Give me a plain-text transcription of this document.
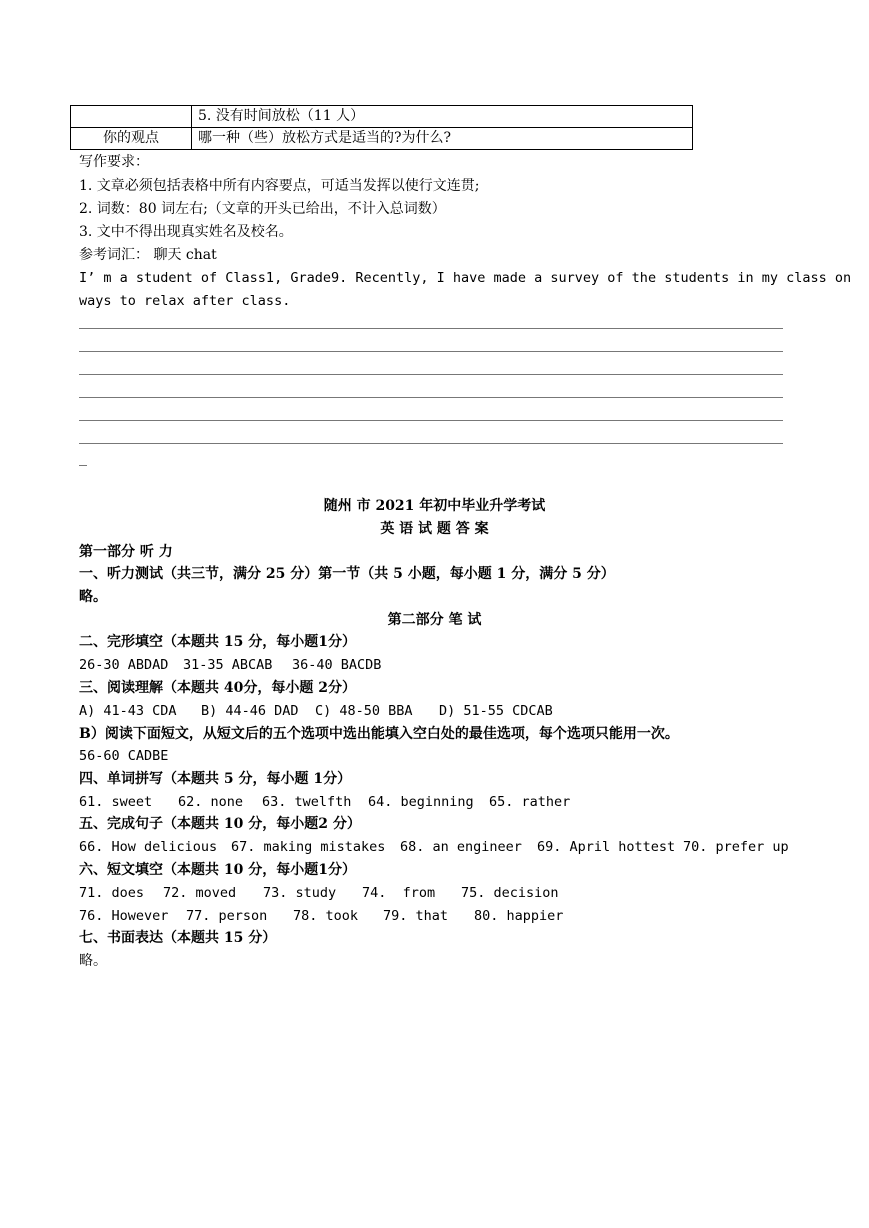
	5. 没有时间放松（11 人）
你的观点	哪一种（些）放松方式是适当的?为什么?
写作要求：
1. 文章必须包括表格中所有内容要点，可适当发挥以使行文连贯;
2. 词数：80 词左右;（文章的开头已给出，不计入总词数）
3. 文中不得出现真实姓名及校名。
参考词汇： 聊天 chat
I’ m a student of Class1, Grade9. Recently, I have made a survey of the students in my class on
ways to relax after class.
随州 市 2021 年初中毕业升学考试
英 语 试 题 答 案
第一部分 听 力
一、听力测试（共三节，满分 25 分）第一节（共 5 小题，每小题 1 分，满分 5 分）
略。
第二部分 笔 试
二、完形填空（本题共 15 分，每小题1分）
26-30 ABDAD 31-35 ABCAB 36-40 BACDB
三、阅读理解（本题共 40分，每小题 2分）
A) 41-43 CDA B) 44-46 DAD C) 48-50 BBA D) 51-55 CDCAB
B）阅读下面短文，从短文后的五个选项中选出能填入空白处的最佳选项，每个选项只能用一次。
56-60 CADBE
四、单词拼写（本题共 5 分，每小题 1分）
61. sweet 62. none 63. twelfth 64. beginning 65. rather
五、完成句子（本题共 10 分，每小题2 分）
66. How delicious 67. making mistakes 68. an engineer 69. April hottest 70. prefer up
六、短文填空（本题共 10 分，每小题1分）
71. does 72. moved 73. study 74.  from 75. decision
76. However 77. person 78. took 79. that 80. happier
七、书面表达（本题共 15 分）
略。
